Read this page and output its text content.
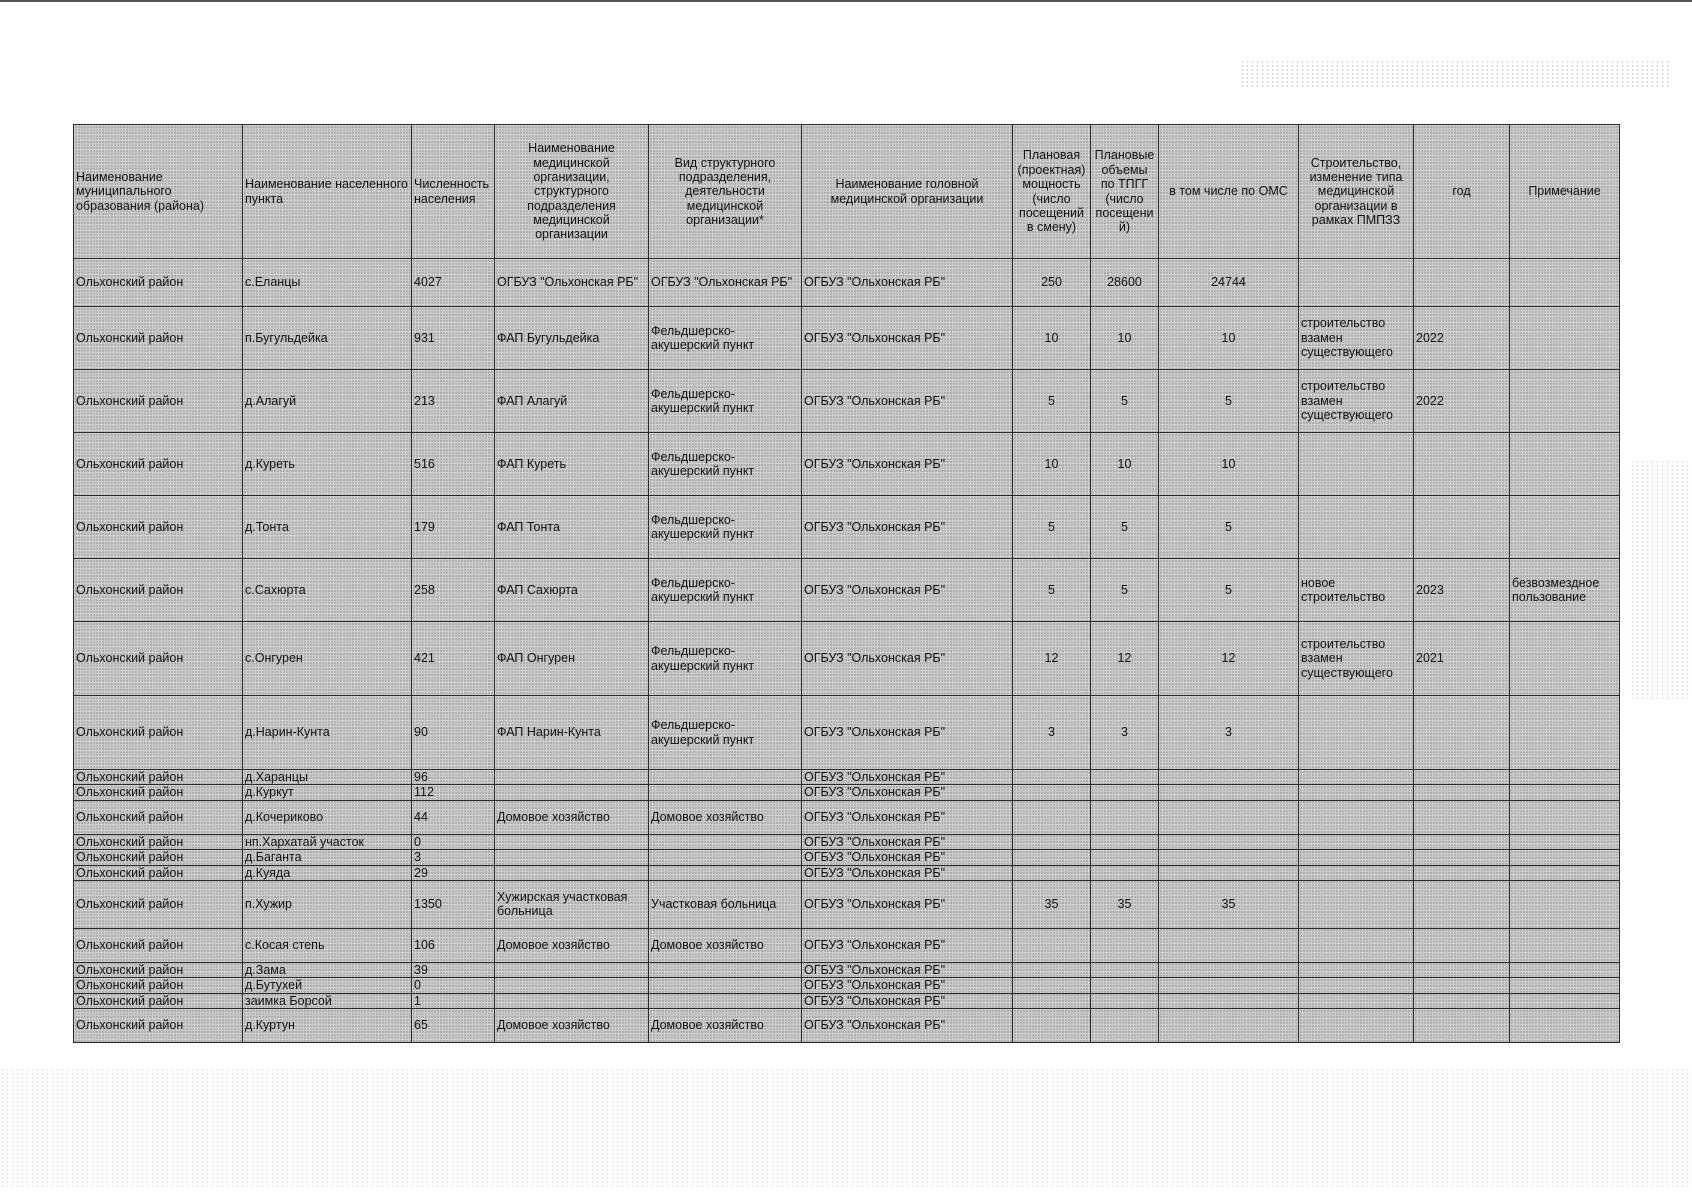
Наименование муниципального образования (района)	Наименование населенного пункта	Численность населения	Наименование медицинской организации, структурного подразделения медицинской организации	Вид структурного подразделения, деятельности медицинской организации*	Наименование головной медицинской организации	Плановая (проектная) мощность (число посещений в смену)	Плановые объемы по ТПГГ (число посещений)	в том числе по ОМС	Строительство, изменение типа медицинской организации в рамках ПМПЗЗ	год	Примечание
Ольхонский район	с.Еланцы	4027	ОГБУЗ "Ольхонская РБ"	ОГБУЗ "Ольхонская РБ"	ОГБУЗ "Ольхонская РБ"	250	28600	24744			
Ольхонский район	п.Бугульдейка	931	ФАП Бугульдейка	Фельдшерско-акушерский пункт	ОГБУЗ "Ольхонская РБ"	10	10	10	строительство взамен существующего	2022	
Ольхонский район	д.Алагуй	213	ФАП Алагуй	Фельдшерско-акушерский пункт	ОГБУЗ "Ольхонская РБ"	5	5	5	строительство взамен существующего	2022	
Ольхонский район	д.Куреть	516	ФАП Куреть	Фельдшерско-акушерский пункт	ОГБУЗ "Ольхонская РБ"	10	10	10			
Ольхонский район	д.Тонта	179	ФАП Тонта	Фельдшерско-акушерский пункт	ОГБУЗ "Ольхонская РБ"	5	5	5			
Ольхонский район	с.Сахюрта	258	ФАП Сахюрта	Фельдшерско-акушерский пункт	ОГБУЗ "Ольхонская РБ"	5	5	5	новое строительство	2023	безвозмездное пользование
Ольхонский район	с.Онгурен	421	ФАП Онгурен	Фельдшерско-акушерский пункт	ОГБУЗ "Ольхонская РБ"	12	12	12	строительство взамен существующего	2021	
Ольхонский район	д.Нарин-Кунта	90	ФАП Нарин-Кунта	Фельдшерско-акушерский пункт	ОГБУЗ "Ольхонская РБ"	3	3	3			
Ольхонский район	д.Харанцы	96			ОГБУЗ "Ольхонская РБ"						
Ольхонский район	д.Куркут	112			ОГБУЗ "Ольхонская РБ"						
Ольхонский район	д.Кочериково	44	Домовое хозяйство	Домовое хозяйство	ОГБУЗ "Ольхонская РБ"						
Ольхонский район	нп.Хархатай участок	0			ОГБУЗ "Ольхонская РБ"						
Ольхонский район	д.Баганта	3			ОГБУЗ "Ольхонская РБ"						
Ольхонский район	д.Куяда	29			ОГБУЗ "Ольхонская РБ"						
Ольхонский район	п.Хужир	1350	Хужирская участковая больница	Участковая больница	ОГБУЗ "Ольхонская РБ"	35	35	35			
Ольхонский район	с.Косая степь	106	Домовое хозяйство	Домовое хозяйство	ОГБУЗ "Ольхонская РБ"						
Ольхонский район	д.Зама	39			ОГБУЗ "Ольхонская РБ"						
Ольхонский район	д.Бутухей	0			ОГБУЗ "Ольхонская РБ"						
Ольхонский район	заимка Борсой	1			ОГБУЗ "Ольхонская РБ"						
Ольхонский район	д.Куртун	65	Домовое хозяйство	Домовое хозяйство	ОГБУЗ "Ольхонская РБ"						
